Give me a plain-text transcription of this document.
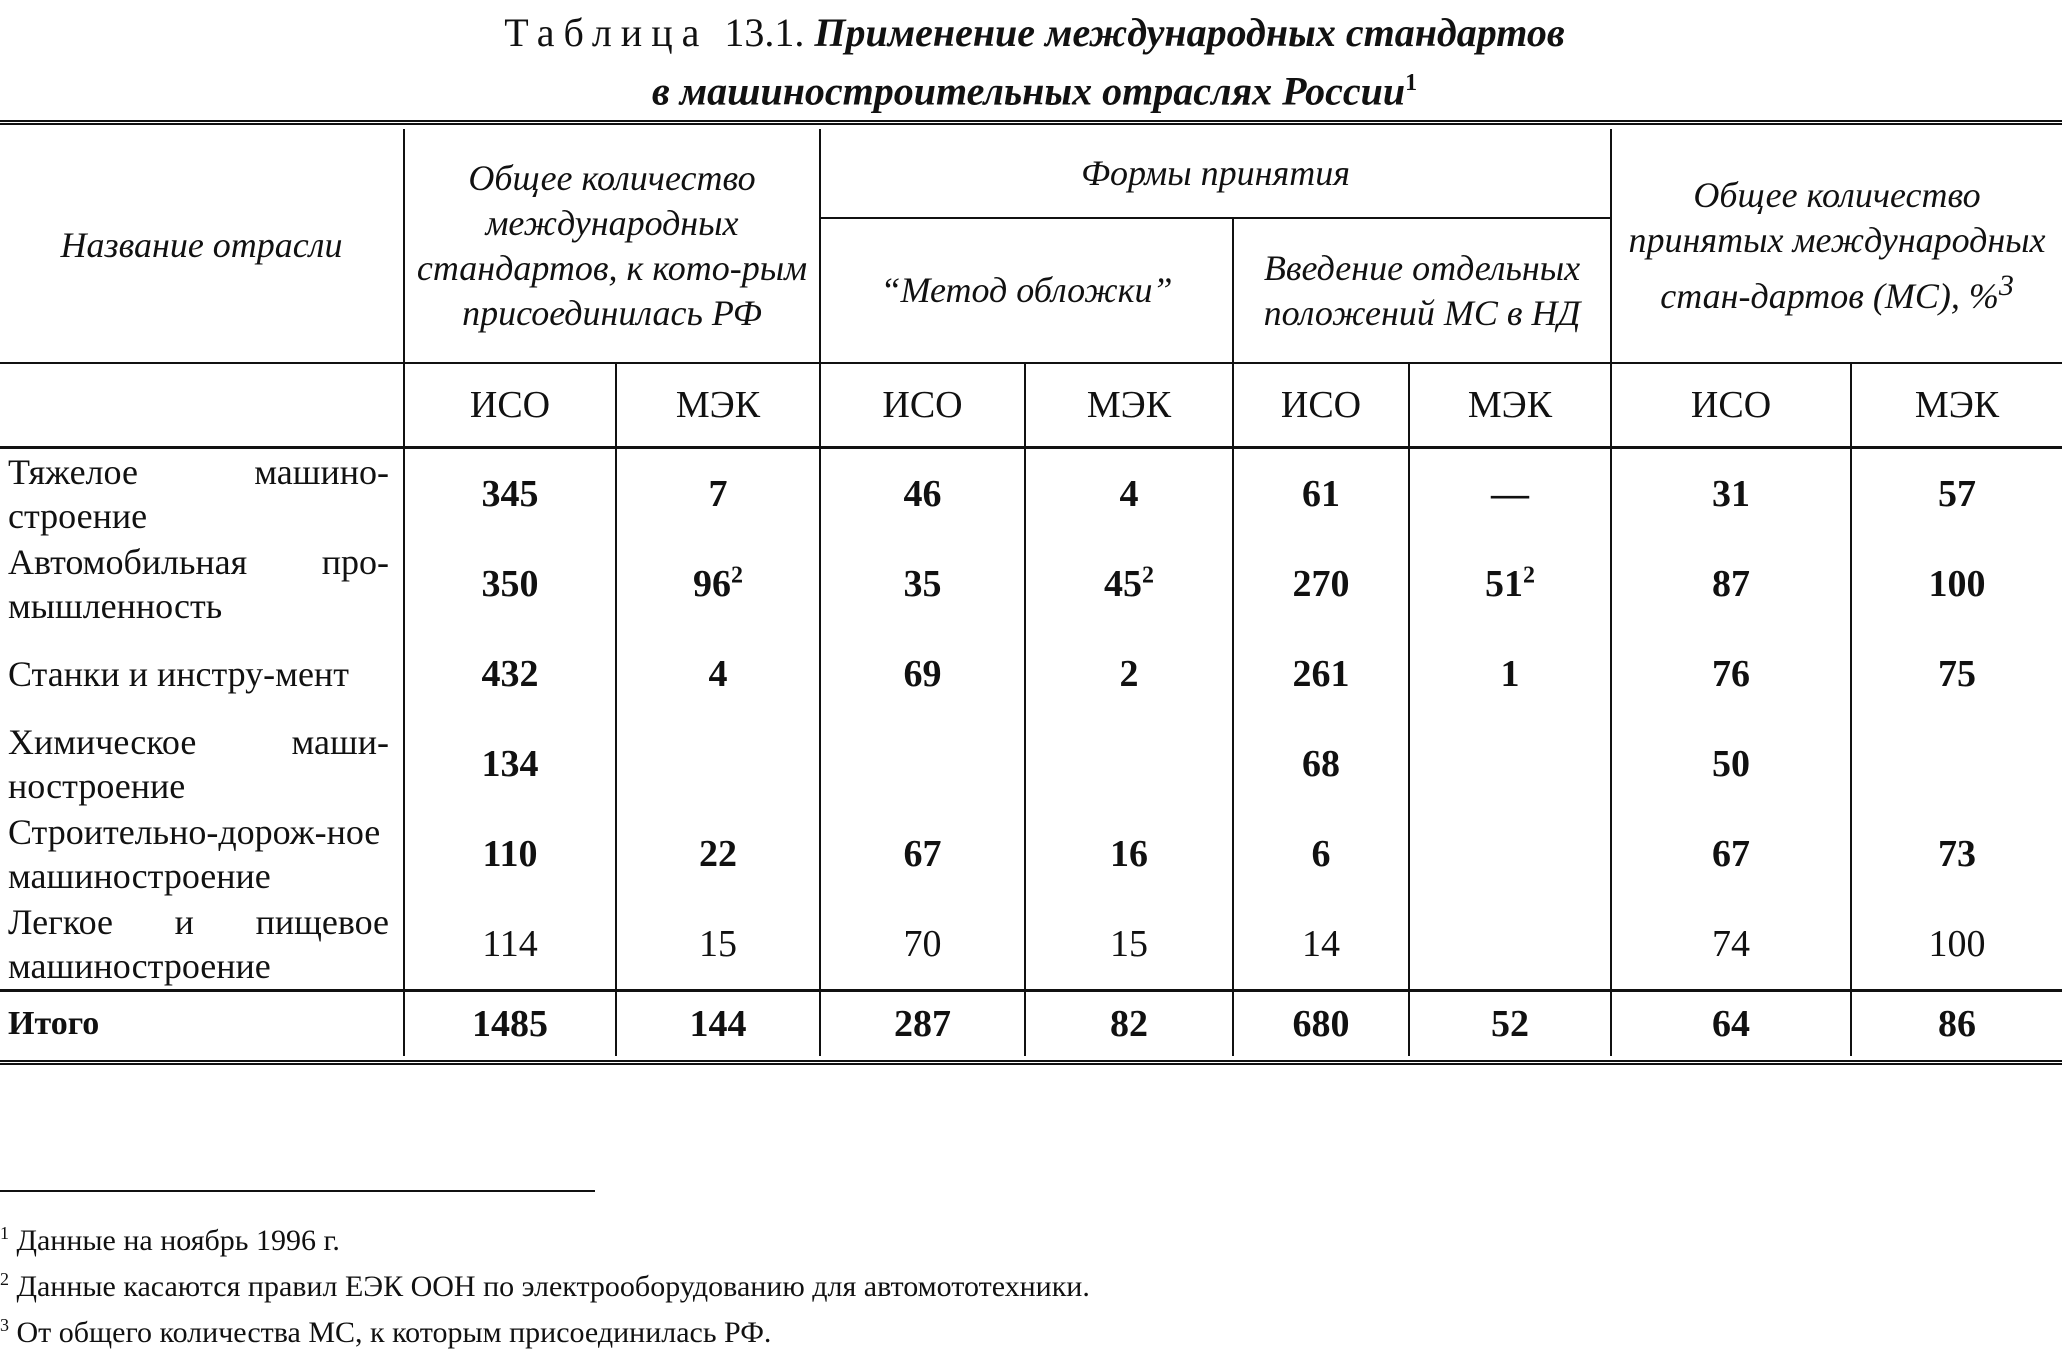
Таблица 13.1. Применение международных стандартов
в машиностроительных отраслях России$^1$
Название отрасли	Общее количество международных стандартов, к кото-рым присоединилась РФ		Формы принятия				Общее количество принятых международных стан-дартов (МС), %$^3$
			“Метод обложки”		Введение отдельных положений МС в НД			
	ИСО	МЭК	ИСО	МЭК	ИСО	МЭК	ИСО	МЭК
Тяжелое машино-строение	345	7	46	4	61	—	31	57
Автомобильная про-мышленность	350	$96^2$	35	$45^2$	270	$51^2$	87	100
Станки и инстру-мент	432	4	69	2	261	1	76	75
Химическое маши-ностроение	134				68		50	
Строительно-дорож-ное машиностроение	110	22	67	16	6		67	73
Легкое и пищевое машиностроение	114	15	70	15	14		74	100
Итого	1485	144	287	82	680	52	64	86
$^1$ Данные на ноябрь 1996 г.
$^2$ Данные касаются правил ЕЭК ООН по электрооборудованию для автомототехники.
$^3$ От общего количества МС, к которым присоединилась РФ.
